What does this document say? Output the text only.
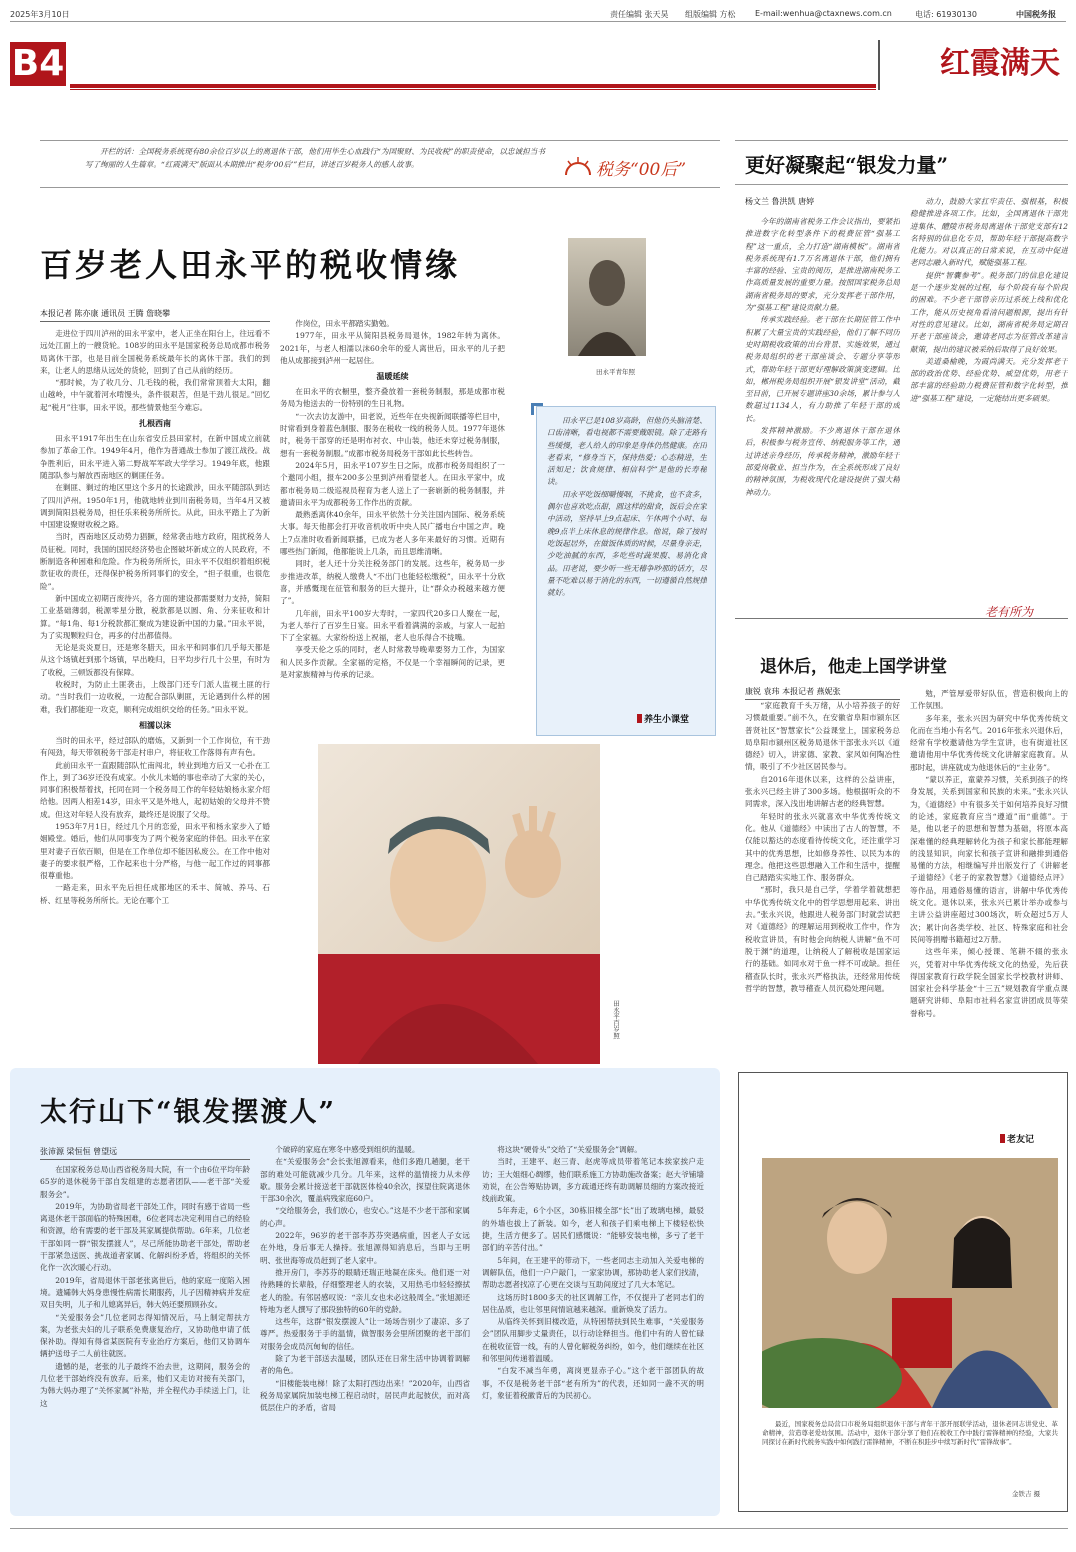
2025年3月10日	责任编辑 张天昊 组版编辑 方松 E-mail:wenhua@ctaxnews.com.cn	电话: 61930130	中国税务报
B4	红霞满天
开栏的话：全国税务系统现有80余位百岁以上的离退休干部，他们用毕生心血践行“为国聚财、为民收税”的职责使命，以忠诚担当书写了绚丽的人生篇章。“红霞满天”版面从本期推出“税务‘00后’”栏目，讲述百岁税务人的感人故事。	税务“00后”
百岁老人田永平的税收情缘
本报记者 陈亦康 通讯员 王腾 詹晓攀
田永平青年照

走进位于四川泸州的田永平家中，老人正坐在阳台上，往远看不远处江面上的一艘货轮。108岁的田永平是国家税务总局成都市税务局离休干部，也是目前全国税务系统最年长的离休干部。我们的到来，让老人的思绪从远处的货轮，回到了自己从前的经历。

“那时候，为了收几分、几毛钱的税，我们常常顶着大太阳，翻山越岭，中午就着河水啃馒头，条件很艰苦，但是干劲儿很足。”回忆起“税月”往事，田永平说，那些情景他至今难忘。

扎根西南

田永平1917年出生在山东省安丘县田家村，在新中国成立前就参加了革命工作。1949年4月，他作为普通战士参加了渡江战役。战争胜利后，田永平进入第二野战军军政大学学习。1949年底，他跟随部队参与解放西南地区的剿匪任务。

在剿匪、剿过的地区里这个多月的长途跋涉，田永平随部队到达了四川泸州。1950年1月，他就地转业到川南税务局，当年4月又被调到简阳县税务局，担任乐来税务所所长。从此，田永平踏上了为新中国建设聚财收税之路。

当时，西南地区反动势力猖獗，经常袭击地方政府，阻扰税务人员征税。同时，我国的国民经济势也企图破坏新成立的人民政府，不断制造各种困难和危险。作为税务所所长，田永平不仅组织着组织税款征收的责任，还得保护税务所同事们的安全，“担子很重，也很危险”。

新中国成立初期百废待兴，各方面的建设都需要财力支持，简阳工业基础薄弱，税源零星分散，税款都是以圆、角、分来征收和计算。“每1角、每1分税款都汇聚成为建设新中国的力量。”田永平说，为了实现颗粒归仓，再多的付出都值得。

无论是炎炎夏日，还是寒冬腊天，田永平和同事们几乎每天都是从这个场镇赶到那个场镇，早出晚归，日平均步行几十公里，有时为了收税，三顿饭都没有保障。

收税时，为防止土匪袭击，上级部门还专门派人监视土匪的行动。“当时我们一边收税，一边配合部队剿匪，无论遇到什么样的困难，我们都能迎一攻克，顺利完成组织交给的任务。”田永平说。

相濡以沫

当时的田永平，经过部队的磨炼，又新到一个工作岗位，有干劲有闯劲，每天带领税务干部走村串户，将征收工作落得有声有色。

此前田永平一直跟随部队忙南闯北，转业到地方后又一心扑在工作上，到了36岁还没有成家。小伙儿未婚的事也牵动了大家的关心，同事们积极帮着找，托同在同一个税务局工作的年轻姑娘杨永家介绍给他。因两人相差14岁，田永平又是外地人，起初姑娘的父母并不赞成。但这对年轻人没有放弃，最终还是说服了父母。

1953年7月1日，经过几个月的恋爱，田永平和杨永家步入了婚姻殿堂。婚后，他们从同事变为了两个税务家庭的伴侣。田永平在家里对妻子百依百顺，但是在工作单位却不能因私废公。在工作中他对妻子的要求很严格，工作起来也十分严格，与他一起工作过的同事都很尊重他。

一路走来，田永平先后担任成都地区的禾丰、简城、养马、石桥、红星等税务所所长。无论在哪个工

作岗位，田永平都踏实勤勉。

1977年，田永平从简阳县税务局退休，1982年转为离休。2021年，与老人相濡以沫60余年的爱人离世后，田永平的儿子把他从成都接到泸州一起居住。

温暖延续

在田永平的衣橱里，整齐叠放着一套税务制服，那是成都市税务局为他送去的一份特别的生日礼物。

“一次去访友游中，田老说，近些年在央视新闻联播等栏目中，时常看到身着蓝色制服、服务在税收一线的税务人员。1977年退休时，税务干部穿的还是明布衬衣、中山装，他还未穿过税务制服，想有一套税务制服。”成都市税务局税务干部如此长些转告。

2024年5月，田永平107岁生日之际，成都市税务局组织了一个邀同小组，报车200多公里到泸州看望老人。在田永平家中，成都市税务局二级巡视员程育为老人送上了一套崭新的税务制服，并邀请田永平为成都税务工作作出的贡献。

最熟悉离休40余年，田永平依然十分关注国内国际、税务系统大事。每天他都会打开收音机收听中央人民广播电台中国之声。晚上7点准时收看新闻联播，已成为老人多年来最好的习惯。近期有哪些热门新闻，他都能说上几条，而且思维清晰。

同时，老人还十分关注税务部门的发展。这些年，税务局一步步推进改革，纳税人缴费人“不出门也能轻松缴税”，田永平十分欣喜，并感慨现在征管和服务的巨大提升，让“群众办税越来越方便了”。

几年前，田永平100岁大寿时，一家四代20多口人聚在一起，为老人举行了百岁生日宴。田永平看着满满的亲戚，与家人一起拍下了全家福。大家纷纷送上祝福，老人也乐得合不拢嘴。

享受天伦之乐的同时，老人时常教导晚辈要努力工作，为国家和人民多作贡献。全家福的定格，不仅是一个幸福瞬间的记录，更是对家族精神与传承的记录。

田永平已是108岁高龄，但他仍头脑清楚、口齿清晰，看电视都不需要戴眼镜。除了走路有些缓慢，老人给人的印象是身体仍然健康。在田老看来，“修身当下，保持热爱；心态精进，生活知足；饮食规律、相信科学”是他的长寿秘诀。

田永平吃饭细嚼慢咽，不挑食，也不贪多，偶尔也喜欢吃点甜，圆这样的甜食，饭后会在家中活动，坚持早上9点起床、午休两个小时、每晚9点半上床休息的规律作息。他说，除了按时吃饭起居外，在做饭体质的时候，尽量身亲走，少吃油腻的东西，多吃些时蔬果腹、易消化食品。田老说，要少听一些无稽争吵那的话方，尽量不吃难以易于消化的东西，一切遵循自然规律就好。

养生小课堂
田永平百岁照
更好凝聚起“银发力量”
杨文兰 鲁洪凯 唐婷

今年的湖南省税务工作会议指出，要紧扣推进数字化转型条件下的税费征管“强基工程”这一重点，全力打造“湖南模板”。湖南省税务系统现有1.7万名离退休干部，他们拥有丰富的经验、宝贵的阅历，是推进湖南税务工作高质量发展的重要力量。按照国家税务总局湖南省税务局的要求，充分发挥老干部作用，为“强基工程”建设贡献力量。

传承实践经验。老干部在长期征管工作中积累了大量宝贵的实践经验，他们了解不同历史时期税收政策的出台背景、实施效果，通过税务局组织的老干部座谈会、专题分享等形式，帮助年轻干部更好理解政策演变逻辑。比如，郴州税务局组织开展“银发讲堂”活动，截至目前，已开展专题讲座30余场，累计参与人数超过1134人，有力助推了年轻干部的成长。

发挥精神激励。不少离退休干部在退休后，积极参与税务宣传、纳税服务等工作，通过讲述亲身经历，传承税务精神，激励年轻干部爱岗敬业、担当作为，在全系统形成了良好的精神氛围，为税收现代化建设提供了强大精神动力。

动力，鼓励大家扛牢责任、强根基，积极稳健推进各项工作。比如，全国离退休干部先进集体、醴陵市税务局离退休干部党支部有12名特别的信息化专员，帮助年轻干部提高数字化能力。对以真正的日常来说，在互动中促进老同志融入新时代，赋能强基工程。

提供“智囊参考”。税务部门的信息化建设是一个逐步发展的过程，每个阶段有每个阶段的困难。不少老干部曾亲历过系统上线和优化工作，能从历史视角看清问题根源，提出有针对性的意见建议。比如，湖南省税务局定期召开老干部座谈会，邀请老同志为征管改革建言献策，提出的建议被采纳后取得了良好效果。

美道桑榆晚，为霞尚满天。充分发挥老干部的政治优势、经验优势、威望优势，用老干部丰富的经验助力税费征管和数字化转型，推进“强基工程”建设，一定能结出更多硕果。

老有所为
退休后，他走上国学讲堂
康锐 袁玮 本报记者 燕妮张

“家庭教育千头万绪，从小培养孩子的好习惯最重要。”前不久，在安徽省阜阳市颍东区普贤社区“智慧家长”公益课堂上，国家税务总局阜阳市颍州区税务局退休干部张永兴以《道德经》切入，讲家德、家教、家风如何陶冶性情，吸引了不少社区居民参与。

自2016年退休以来，这样的公益讲座，张永兴已经主讲了300多场。他根据听众的不同需求，深入浅出地讲解古老的经典智慧。

年轻时的张永兴就喜欢中华优秀传统文化。他从《道德经》中读出了古人的智慧，不仅能以豁达的态度看待传统文化，还注重学习其中的优秀思想，比如修身养性、以民为本的理念。他把这些思想融入工作和生活中，提醒自己踏踏实实地工作、服务群众。

“那时，我只是自己学，学着学着就想把中华优秀传统文化中的哲学思想用起来、讲出去。”张永兴说，他跟进人税务部门时就尝试把对《道德经》的理解运用到税收工作中，作为税收宣讲员，有时他会向纳税人讲解“鱼不可脱于渊”的道理，让纳税人了解税收是国家运行的基础。如同水对于鱼一样不可或缺。担任稽查队长时，张永兴严格执法，还经常用传统哲学的智慧，教导稽查人员沉稳处理问题。

勉，严管厚爱带好队伍，营造积极向上的工作氛围。

多年来，张永兴因为研究中华优秀传统文化而在当地小有名气。2016年张永兴退休后，经常有学校邀请他为学生宣讲，也有街道社区邀请他用中华优秀传统文化讲解家庭教育。从那时起，讲座就成为他退休后的“主业务”。

“蒙以养正，童蒙养习惯，关系到孩子的终身发展，关系到国家和民族的未来。”张永兴认为，《道德经》中有很多关于如何培养良好习惯的论述，家庭教育应当“遵道”而“重德”。于是，他以老子的思想和智慧为基础，将原本高深难懂的经典理解转化为孩子和家长都能理解的浅显知识，向家长和孩子宣讲和融排到通俗易懂的方法，相继编写并出版发行了《讲解老子道德经》《老子的家教智慧》《道德经点评》等作品，用通俗易懂的语言，讲解中华优秀传统文化。退休以来，张永兴已累计举办或参与主讲公益讲座超过300场次，听众超过5万人次；累计向各类学校、社区、特殊家庭和社会民间等捐赠书籍超过2万册。

这些年来，倾心授课、笔耕不辍的张永兴，凭着对中华优秀传统文化的热爱，先后获得国家教育行政学院全国家长学校教材讲师、国家社会科学基金“十三五”规划教育学重点课题研究讲师、阜阳市社科名家宣讲团成员等荣誉称号。

太行山下“银发摆渡人”
张沛源 梁恒恒 曾望远

在国家税务总局山西省税务局大院，有一个由6位平均年龄65岁的退休税务干部自发组建的志愿者团队——老干部“关爱服务会”。

2019年，为协助省局老干部处工作，同时有感于省局一些离退休老干部面临的特殊困难，6位老同志决定利用自己的经验和资源，给有需要的老干部及其家属提供帮助。6年来，几位老干部如同一群“银发摆渡人”，尽己所能协助老干部处，帮助老干部紧急送医、挑战道者家属、化解纠纷矛盾，将组织的关怀化作一次次暖心行动。

2019年，省局退休干部老张离世后，他的家庭一度陷入困境。遗孀韩大妈身患慢性病需长期服药，儿子因精神病并发症双目失明，儿子和儿媳离异后，韩大妈还要照顾孙女。

“关爱服务会”几位老同志得知情况后，马上制定帮扶方案，为老张夫妇的儿子联系免费康复治疗，又协助他申请了低保补助。得知有得省某医院有专业治疗方案后，他们又协调车辆护送母子二人前往就医。

遗憾的是，老张的儿子最终不治去世，这期间，服务会的几位老干部始终没有放弃。后来，他们又走访对接有关部门，为韩大妈办理了“关怀家属”补贴，并全程代办手续送上门，让这

个破碎的家庭在寒冬中感受到组织的温暖。

在“关爱服务会”会长张旭源看来，他们多跑几趟腿，老干部的难处可能就减少几分。几年来，这样的温情接力从未停歇。服务会累计接送老干部就医体检40余次，探望住院离退休干部30余次，覆盖病残家庭60户。

“交给服务会，我们放心，也安心。”这是不少老干部和家属的心声。

2022年，96岁的老干部李苏芬突遇病重，因老人子女远在外地，身后事无人操持。张旭源得知消息后，当即与王明明、张世海等成员赶到了老人家中。

推开房门，李苏芬的眼睛还瑞正地凝在床头。他们逐一对待熟睡的长辈般，仔细整理老人的衣装，又用热毛巾轻轻擦拭老人的脸。有邻居感叹说：“亲儿女也未必这般周全。”张旭源还特地为老人撰写了那段独特的60年的党龄。

这些年，这群“银发摆渡人”让一场场告别少了凄凉、多了尊严。热爱服务于手的温情，做智服务会里所团聚的老干部们对服务会成员沉甸甸的信任。

除了为老干部送去温暖，团队还在日常生活中协调着调解者的角色。

“旧楼能装电梯！除了太阳打西边出来！”2020年，山西省税务局家属院加装电梯工程启动时，居民声此起彼伏，而对高低层住户的矛盾，省局

将这块“硬骨头”交给了“关爱服务会”调解。

当时，王建平、赵三青、赵虎等成员带着笔记本挨家挨户走访；王大姐细心绸缪，他们联系施工方协助施改备案；赵大爷铺墙劝说，在公告筹贴协调，多方疏通还终有助调解员细的方案改接近线前政策。

5年奔走，6个小区，30栋旧楼全部“长”出了玻璃电梯，最驳的外墙也拔上了新装。如今，老人和孩子们乘电梯上下楼轻松快捷，生活方便多了。居民们感慨说：“能够安装电梯，多亏了老干部们的辛苦付出。”

5年间，在王建平的带动下，一些老同志主动加入关爱电梯的调解队伍，他们一户户敲门，一家家协调，那协助老人家们找清，帮助志愿者找凉了心更在交谈与互助间度过了几大本笔记。

这场历时1800多天的社区调解工作，不仅提升了老同志们的居住品质，也让邻里间情谊越来越深。重新焕发了活力。

从临终关怀到旧楼改造，从特困帮扶到民生难事，“关爱服务会”团队用脚步丈量责任，以行动诠释担当。他们中有的人曾忙碌在税收征管一线，有的人曾化解税务纠纷，如今，他们继续在社区和邻里间传递着温暖。

“白发不减当年勇，离岗更显赤子心。”这个老干部团队的故事，不仅是税务老干部“老有所为”的代表，还如同一盏不灭的明灯，象征着税徽背后的为民初心。

老友记
最近，国家税务总局营口市税务局组织退休干部与青年干部开展联学活动，退休老同志讲党史、革命精神，营造尊老爱幼氛围。活动中，退休干部分享了他们在税收工作中践行雷锋精神的经验，大家共同探讨在新时代税务实践中如何践行雷锋精神，不断在积跬步中续写新时代“雷锋故事”。
金铁吉 摄
